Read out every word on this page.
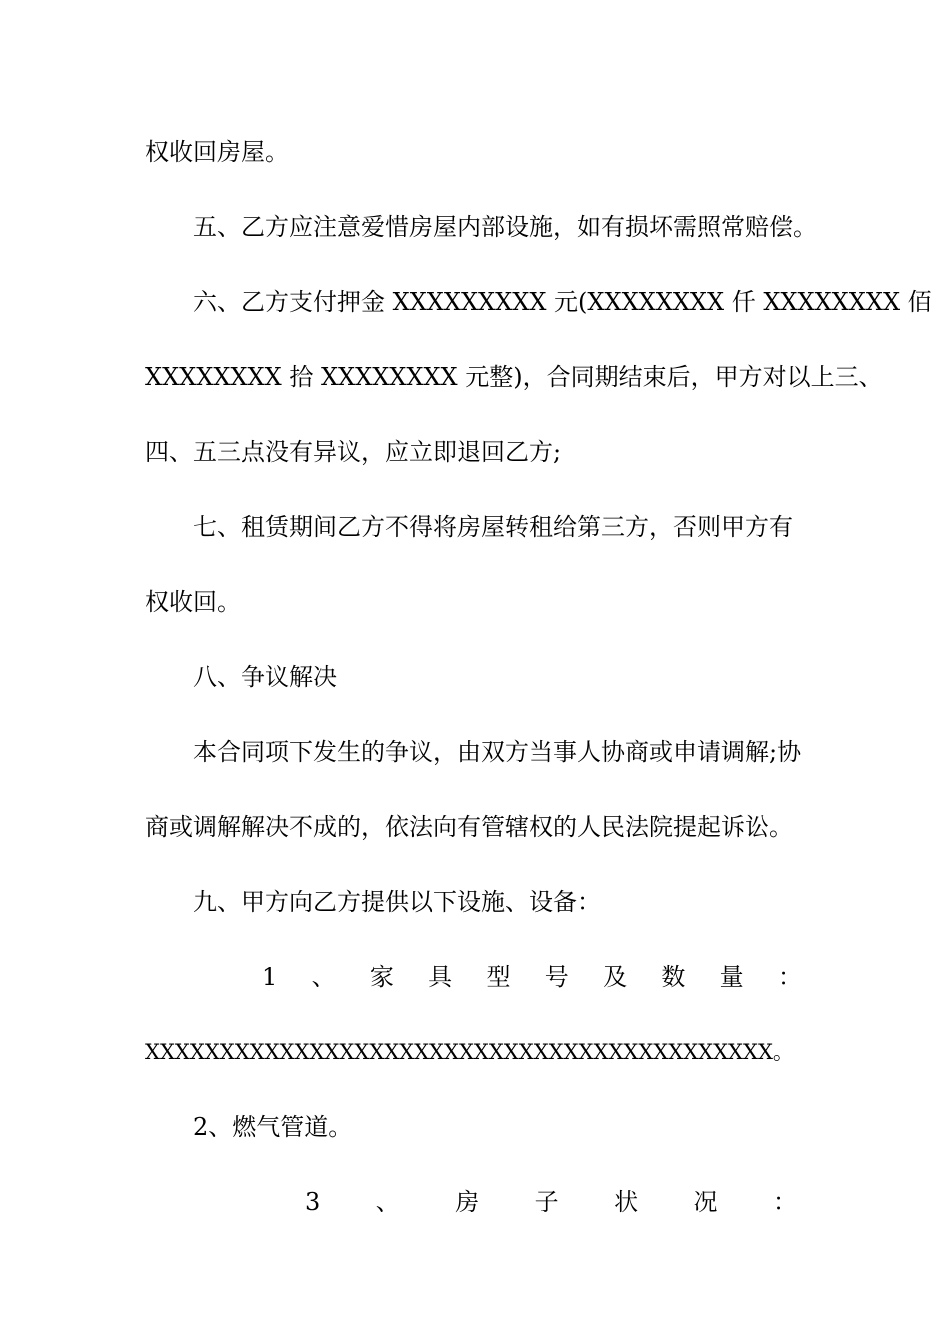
权收回房屋。
五、乙方应注意爱惜房屋内部设施，如有损坏需照常赔偿。
六、乙方支付押金 XXXXXXXXX 元(XXXXXXXX 仟 XXXXXXXX 佰
XXXXXXXX 拾 XXXXXXXX 元整)，合同期结束后，甲方对以上三、
四、五三点没有异议，应立即退回乙方;
七、租赁期间乙方不得将房屋转租给第三方，否则甲方有
权收回。
八、争议解决
本合同项下发生的争议，由双方当事人协商或申请调解;协
商或调解解决不成的，依法向有管辖权的人民法院提起诉讼。
九、甲方向乙方提供以下设施、设备：
1 、 家 具 型 号 及 数 量 ：
XXXXXXXXXXXXXXXXXXXXXXXXXXXXXXXXXXXXXXXXXX。
2、燃气管道。
3 、 房 子 状 况 ：
